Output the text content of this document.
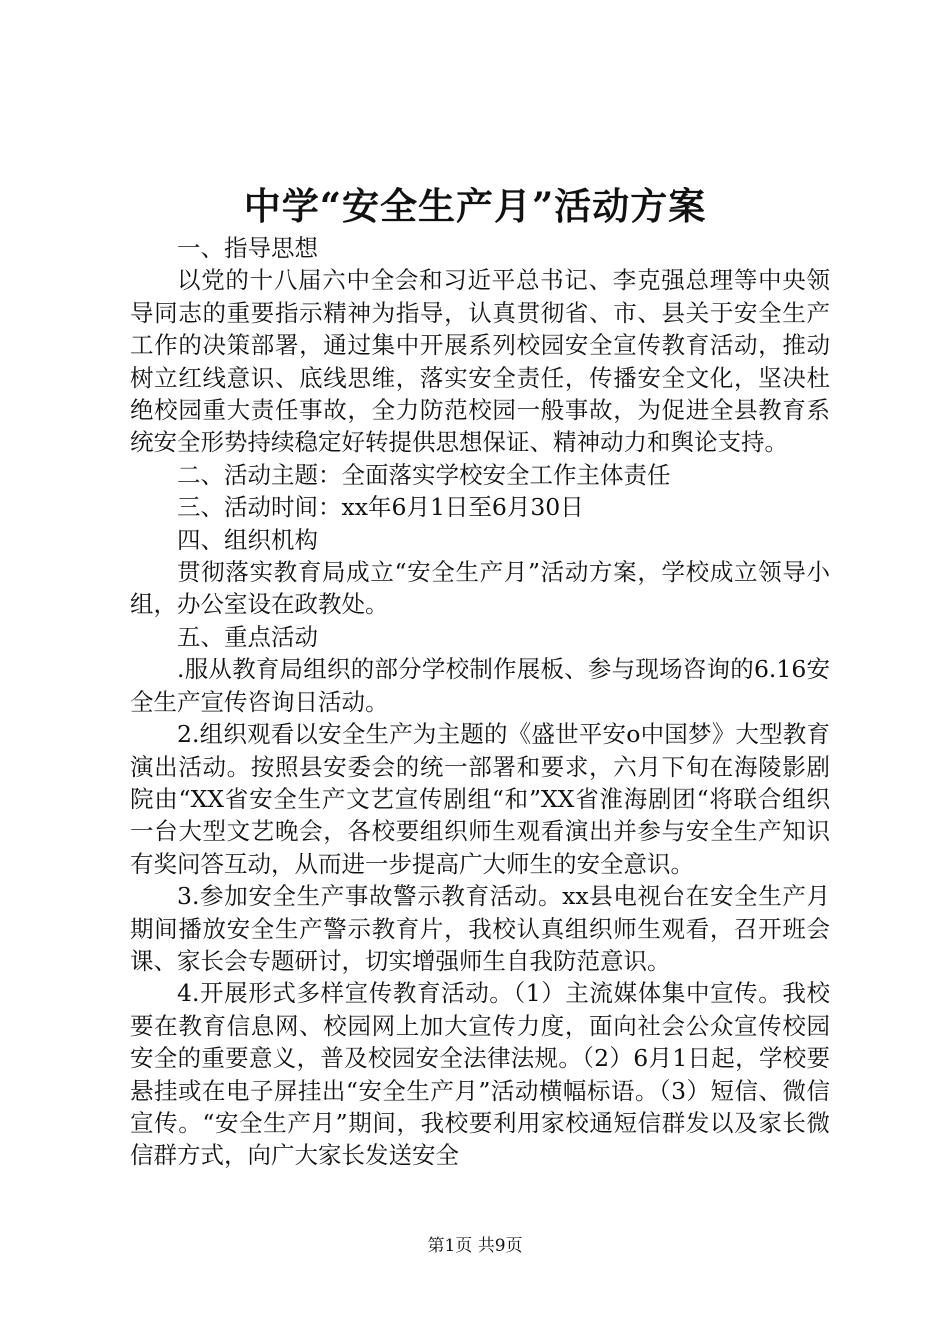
中学“安全生产月”活动方案

一、指导思想

以党的十八届六中全会和习近平总书记、李克强总理等中央领导同志的重要指示精神为指导，认真贯彻省、市、县关于安全生产工作的决策部署，通过集中开展系列校园安全宣传教育活动，推动树立红线意识、底线思维，落实安全责任，传播安全文化，坚决杜绝校园重大责任事故，全力防范校园一般事故，为促进全县教育系统安全形势持续稳定好转提供思想保证、精神动力和舆论支持。

二、活动主题：全面落实学校安全工作主体责任

三、活动时间：xx年6月1日至6月30日

四、组织机构

贯彻落实教育局成立“安全生产月”活动方案，学校成立领导小组，办公室设在政教处。

五、重点活动

.服从教育局组织的部分学校制作展板、参与现场咨询的6.16安全生产宣传咨询日活动。

2.组织观看以安全生产为主题的《盛世平安ο中国梦》大型教育演出活动。按照县安委会的统一部署和要求，六月下旬在海陵影剧院由“XX省安全生产文艺宣传剧组“和”XX省淮海剧团“将联合组织一台大型文艺晚会，各校要组织师生观看演出并参与安全生产知识有奖问答互动，从而进一步提高广大师生的安全意识。

3.参加安全生产事故警示教育活动。xx县电视台在安全生产月期间播放安全生产警示教育片，我校认真组织师生观看，召开班会课、家长会专题研讨，切实增强师生自我防范意识。

4.开展形式多样宣传教育活动。（1）主流媒体集中宣传。我校要在教育信息网、校园网上加大宣传力度，面向社会公众宣传校园安全的重要意义，普及校园安全法律法规。（2）6月1日起，学校要悬挂或在电子屏挂出“安全生产月”活动横幅标语。（3）短信、微信宣传。“安全生产月”期间，我校要利用家校通短信群发以及家长微信群方式，向广大家长发送安全

第1页 共9页
